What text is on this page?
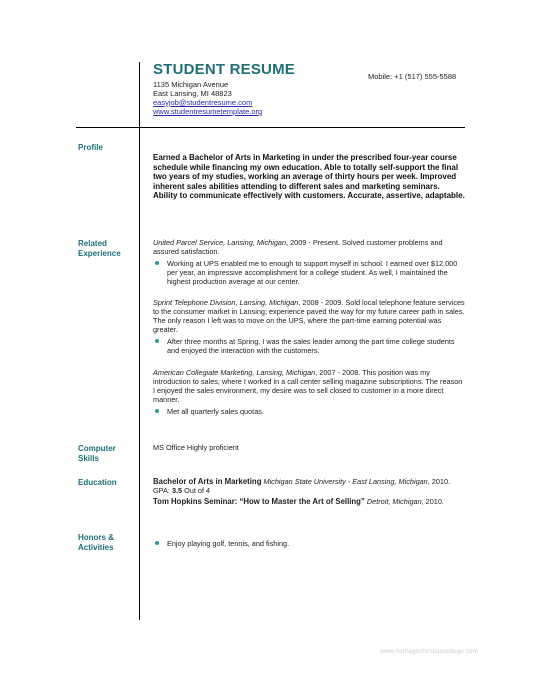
STUDENT RESUME	Mobile: +1 (517) 555-5588
1135 Michigan Avenue
East Lansing, MI 48823
easyjob@studentresume.com
www.studentresumetemplate.org
Profile
Earned a Bachelor of Arts in Marketing in under the prescribed four-year course schedule while financing my own education. Able to totally self-support the final two years of my studies, working an average of thirty hours per week. Improved inherent sales abilities attending to different sales and marketing seminars. Ability to communicate effectively with customers. Accurate, assertive, adaptable.
Related
Experience
United Parcel Service, Lansing, Michigan, 2009 - Present. Solved customer problems and assured satisfaction.
Working at UPS enabled me to enough to support myself in school. I earned over $12,000 per year, an impressive accomplishment for a college student. As well, I maintained the highest production average at our center.
Sprint Telephone Division, Lansing, Michigan, 2008 - 2009. Sold local telephone feature services to the consumer market in Lansing; experience paved the way for my future career path in sales. The only reason I left was to move on the UPS, where the part-time earning potential was greater.
After three months at Spring, I was the sales leader among the part time college students and enjoyed the interaction with the customers.
American Collegiate Marketing, Lansing, Michigan, 2007 - 2008. This position was my introduction to sales, where I worked in a call center selling magazine subscriptions. The reason I enjoyed the sales environment, my desire was to sell closed to customer in a more direct manner.
Met all quarterly sales quotas.
Computer
Skills
MS Office Highly proficient
Education	Bachelor of Arts in Marketing Michigan State University - East Lansing, Michigan, 2010. GPA: 3.5 Out of 4
Tom Hopkins Seminar: “How to Master the Art of Selling” Detroit, Michigan, 2010.
Honors &
Activities	Enjoy playing golf, tennis, and fishing.
www.heritagechristiancollege.com
